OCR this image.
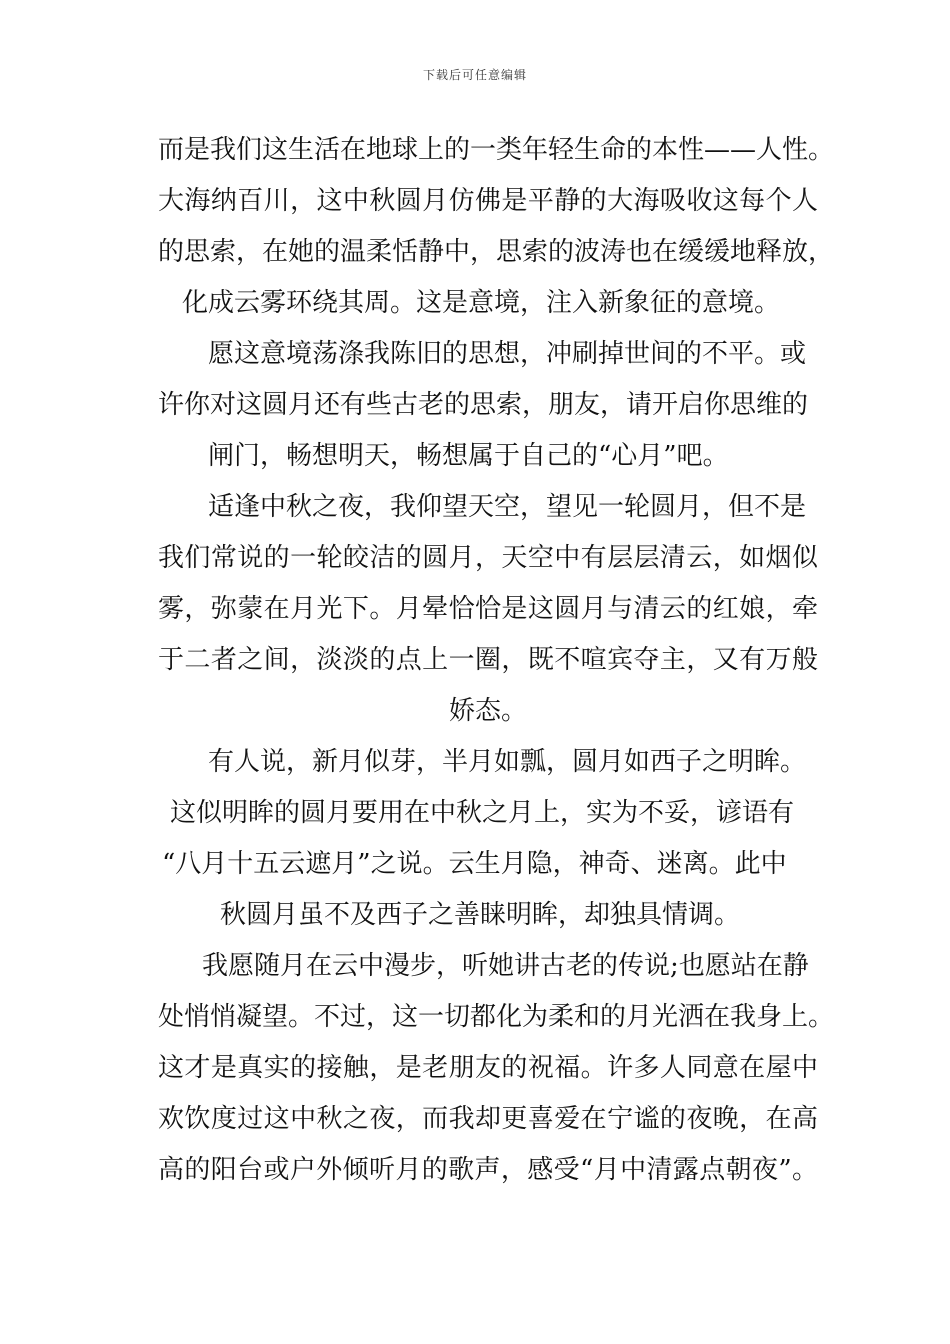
下载后可任意编辑
而是我们这生活在地球上的一类年轻生命的本性——人性。
大海纳百川，这中秋圆月仿佛是平静的大海吸收这每个人
的思索，在她的温柔恬静中，思索的波涛也在缓缓地释放，
化成云雾环绕其周。这是意境，注入新象征的意境。
愿这意境荡涤我陈旧的思想，冲刷掉世间的不平。或
许你对这圆月还有些古老的思索，朋友，请开启你思维的
闸门，畅想明天，畅想属于自己的“心月”吧。
适逢中秋之夜，我仰望天空，望见一轮圆月，但不是
我们常说的一轮皎洁的圆月，天空中有层层清云，如烟似
雾，弥蒙在月光下。月晕恰恰是这圆月与清云的红娘，牵
于二者之间，淡淡的点上一圈，既不喧宾夺主，又有万般
娇态。
有人说，新月似芽，半月如瓢，圆月如西子之明眸。
这似明眸的圆月要用在中秋之月上，实为不妥，谚语有
“八月十五云遮月”之说。云生月隐，神奇、迷离。此中
秋圆月虽不及西子之善睐明眸，却独具情调。
我愿随月在云中漫步，听她讲古老的传说;也愿站在静
处悄悄凝望。不过，这一切都化为柔和的月光洒在我身上。
这才是真实的接触，是老朋友的祝福。许多人同意在屋中
欢饮度过这中秋之夜，而我却更喜爱在宁谧的夜晚，在高
高的阳台或户外倾听月的歌声，感受“月中清露点朝夜”。
